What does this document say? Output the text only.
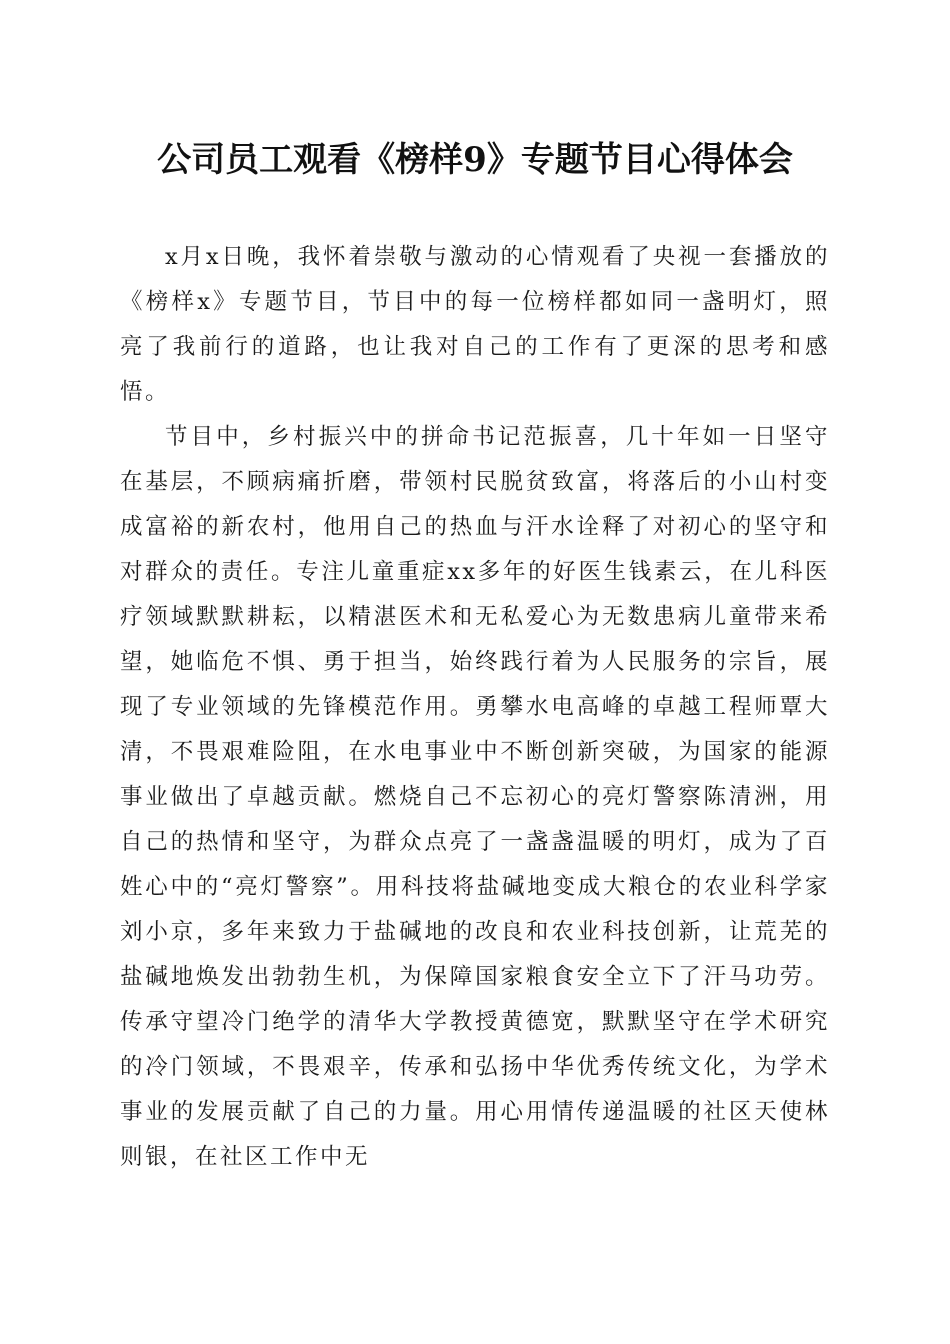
公司员工观看《榜样9》专题节目心得体会

x月x日晚，我怀着崇敬与激动的心情观看了央视一套播放的《榜样x》专题节目，节目中的每一位榜样都如同一盏明灯，照亮了我前行的道路，也让我对自己的工作有了更深的思考和感悟。

节目中，乡村振兴中的拼命书记范振喜，几十年如一日坚守在基层，不顾病痛折磨，带领村民脱贫致富，将落后的小山村变成富裕的新农村，他用自己的热血与汗水诠释了对初心的坚守和对群众的责任。专注儿童重症xx多年的好医生钱素云，在儿科医疗领域默默耕耘，以精湛医术和无私爱心为无数患病儿童带来希望，她临危不惧、勇于担当，始终践行着为人民服务的宗旨，展现了专业领域的先锋模范作用。勇攀水电高峰的卓越工程师覃大清，不畏艰难险阻，在水电事业中不断创新突破，为国家的能源事业做出了卓越贡献。燃烧自己不忘初心的亮灯警察陈清洲，用自己的热情和坚守，为群众点亮了一盏盏温暖的明灯，成为了百姓心中的“亮灯警察”。用科技将盐碱地变成大粮仓的农业科学家刘小京，多年来致力于盐碱地的改良和农业科技创新，让荒芜的盐碱地焕发出勃勃生机，为保障国家粮食安全立下了汗马功劳。传承守望冷门绝学的清华大学教授黄德宽，默默坚守在学术研究的冷门领域，不畏艰辛，传承和弘扬中华优秀传统文化，为学术事业的发展贡献了自己的力量。用心用情传递温暖的社区天使林则银，在社区工作中无
